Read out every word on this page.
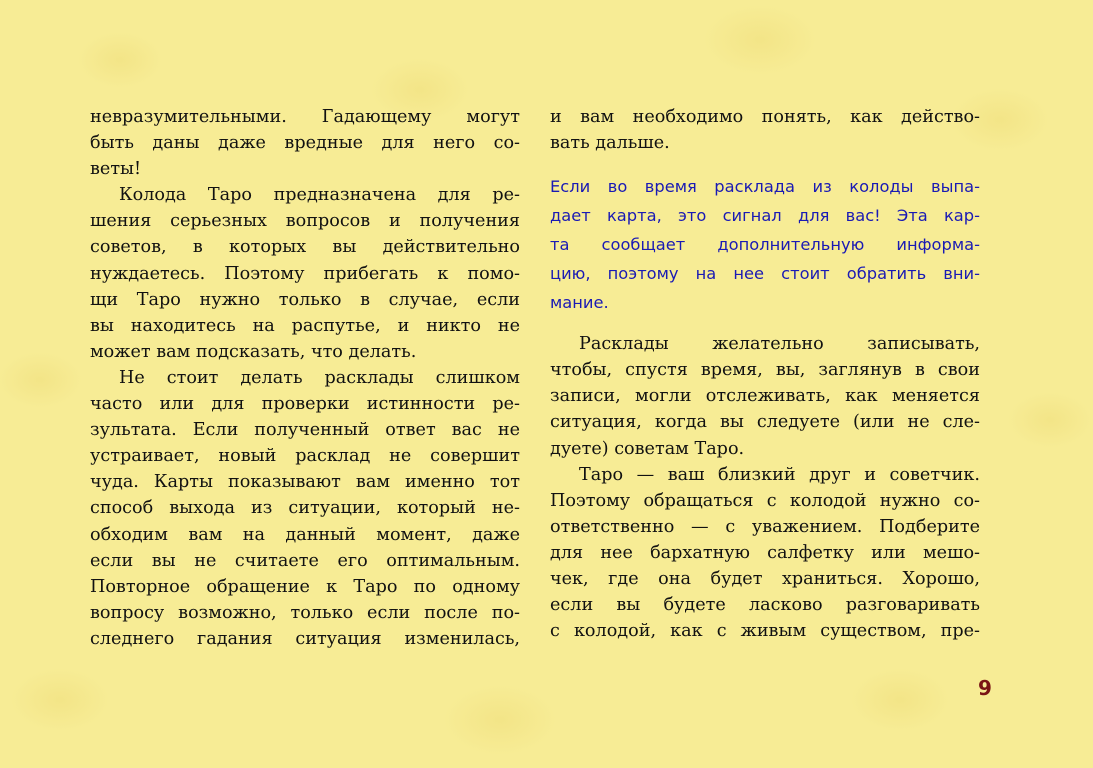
невразумительными. Гадающему могут
быть даны даже вредные для него со-
веты!
Колода Таро предназначена для ре-
шения серьезных вопросов и получения
советов, в которых вы действительно
нуждаетесь. Поэтому прибегать к помо-
щи Таро нужно только в случае, если
вы находитесь на распутье, и никто не
может вам подсказать, что делать.
Не стоит делать расклады слишком
часто или для проверки истинности ре-
зультата. Если полученный ответ вас не
устраивает, новый расклад не совершит
чуда. Карты показывают вам именно тот
способ выхода из ситуации, который не-
обходим вам на данный момент, даже
если вы не считаете его оптимальным.
Повторное обращение к Таро по одному
вопросу возможно, только если после по-
следнего гадания ситуация изменилась,
и вам необходимо понять, как действо-
вать дальше.
Если во время расклада из колоды выпа-
дает карта, это сигнал для вас! Эта кар-
та сообщает дополнительную информа-
цию, поэтому на нее стоит обратить вни-
мание.
Расклады желательно записывать,
чтобы, спустя время, вы, заглянув в свои
записи, могли отслеживать, как меняется
ситуация, когда вы следуете (или не сле-
дуете) советам Таро.
Таро — ваш близкий друг и советчик.
Поэтому обращаться с колодой нужно со-
ответственно — с уважением. Подберите
для нее бархатную салфетку или мешо-
чек, где она будет храниться. Хорошо,
если вы будете ласково разговаривать
с колодой, как с живым существом, пре-
9
